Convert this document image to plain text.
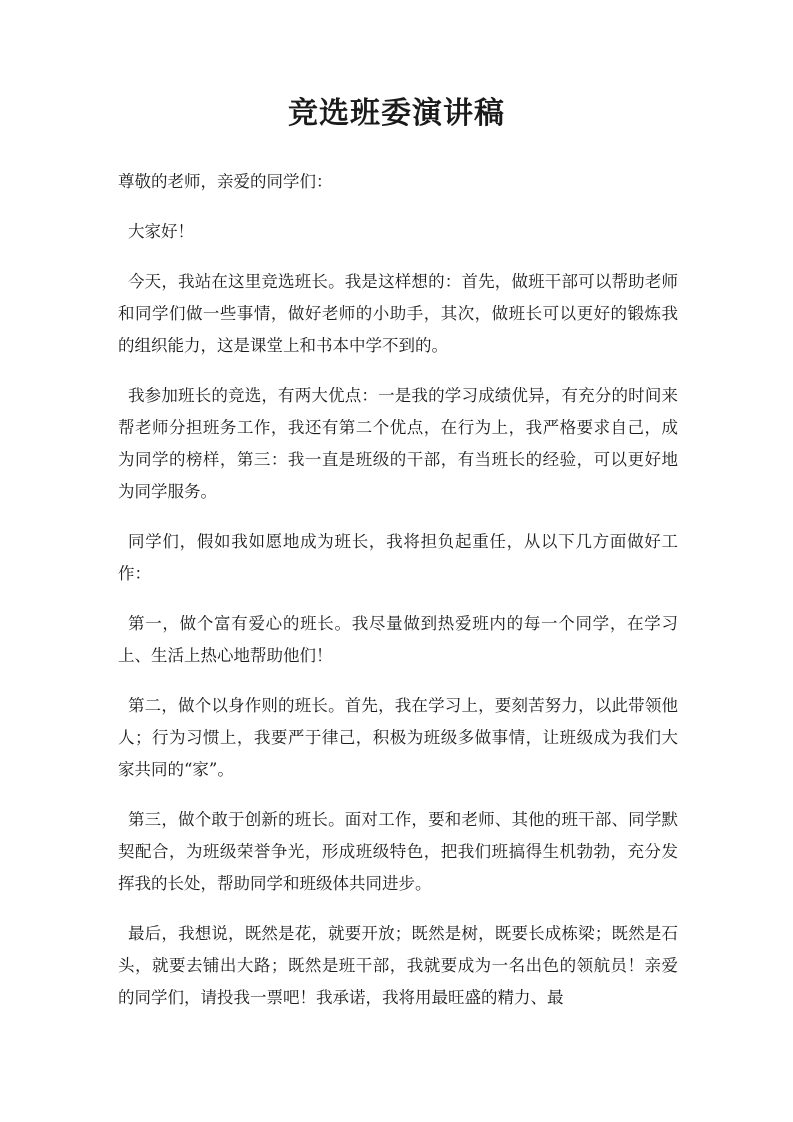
竞选班委演讲稿

尊敬的老师，亲爱的同学们：

大家好！

今天，我站在这里竞选班长。我是这样想的：首先，做班干部可以帮助老师和同学们做一些事情，做好老师的小助手，其次，做班长可以更好的锻炼我的组织能力，这是课堂上和书本中学不到的。

我参加班长的竞选，有两大优点：一是我的学习成绩优异，有充分的时间来帮老师分担班务工作，我还有第二个优点，在行为上，我严格要求自己，成为同学的榜样，第三：我一直是班级的干部，有当班长的经验，可以更好地为同学服务。

同学们，假如我如愿地成为班长，我将担负起重任，从以下几方面做好工作：

第一，做个富有爱心的班长。我尽量做到热爱班内的每一个同学，在学习上、生活上热心地帮助他们！

第二，做个以身作则的班长。首先，我在学习上，要刻苦努力，以此带领他人；行为习惯上，我要严于律己，积极为班级多做事情，让班级成为我们大家共同的“家”。

第三，做个敢于创新的班长。面对工作，要和老师、其他的班干部、同学默契配合，为班级荣誉争光，形成班级特色，把我们班搞得生机勃勃，充分发挥我的长处，帮助同学和班级体共同进步。

最后，我想说，既然是花，就要开放；既然是树，既要长成栋梁；既然是石头，就要去铺出大路；既然是班干部，我就要成为一名出色的领航员！亲爱的同学们，请投我一票吧！我承诺，我将用最旺盛的精力、最
